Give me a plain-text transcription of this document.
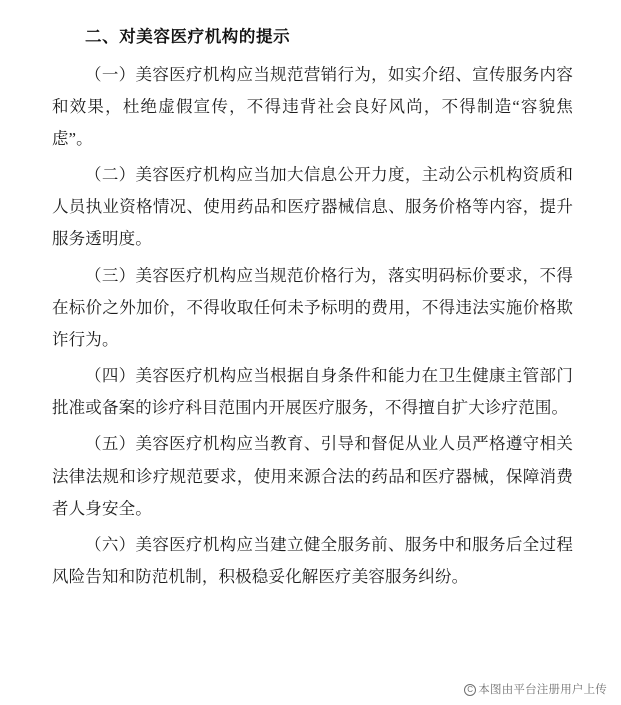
二、对美容医疗机构的提示

（一）美容医疗机构应当规范营销行为，如实介绍、宣传服务内容和效果，杜绝虚假宣传，不得违背社会良好风尚，不得制造“容貌焦虑”。

（二）美容医疗机构应当加大信息公开力度，主动公示机构资质和人员执业资格情况、使用药品和医疗器械信息、服务价格等内容，提升服务透明度。

（三）美容医疗机构应当规范价格行为，落实明码标价要求，不得在标价之外加价，不得收取任何未予标明的费用，不得违法实施价格欺诈行为。

（四）美容医疗机构应当根据自身条件和能力在卫生健康主管部门批准或备案的诊疗科目范围内开展医疗服务，不得擅自扩大诊疗范围。

（五）美容医疗机构应当教育、引导和督促从业人员严格遵守相关法律法规和诊疗规范要求，使用来源合法的药品和医疗器械，保障消费者人身安全。

（六）美容医疗机构应当建立健全服务前、服务中和服务后全过程风险告知和防范机制，积极稳妥化解医疗美容服务纠纷。

C 本图由平台注册用户上传
